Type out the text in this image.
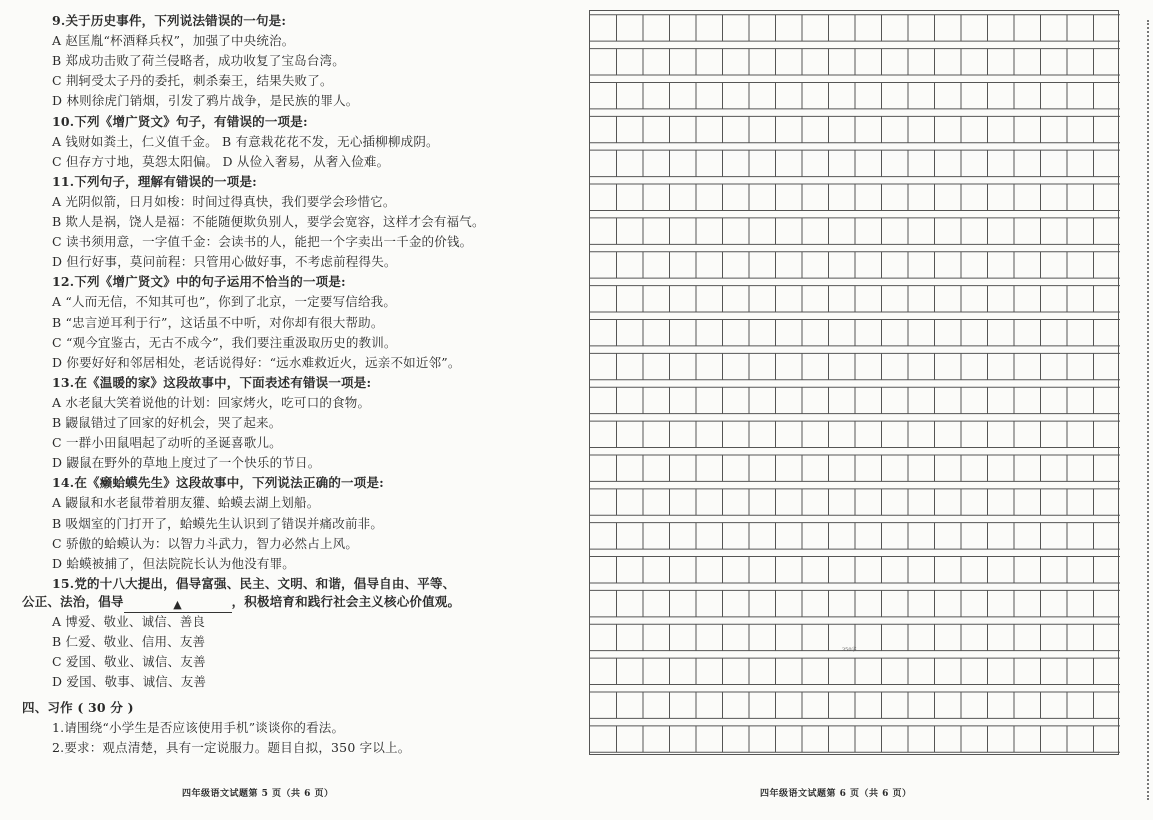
9.关于历史事件，下列说法错误的一句是:
A 赵匡胤“杯酒释兵权”，加强了中央统治。
B 郑成功击败了荷兰侵略者，成功收复了宝岛台湾。
C 荆轲受太子丹的委托，刺杀秦王，结果失败了。
D 林则徐虎门销烟，引发了鸦片战争，是民族的罪人。
10.下列《增广贤文》句子，有错误的一项是:
A 钱财如粪土，仁义值千金。 B 有意栽花花不发，无心插柳柳成阴。
C 但存方寸地，莫怨太阳偏。 D 从俭入奢易，从奢入俭难。
11.下列句子，理解有错误的一项是:
A 光阴似箭，日月如梭：时间过得真快，我们要学会珍惜它。
B 欺人是祸，饶人是福：不能随便欺负别人，要学会宽容，这样才会有福气。
C 读书须用意，一字值千金：会读书的人，能把一个字卖出一千金的价钱。
D 但行好事，莫问前程：只管用心做好事，不考虑前程得失。
12.下列《增广贤文》中的句子运用不恰当的一项是:
A “人而无信，不知其可也”，你到了北京，一定要写信给我。
B “忠言逆耳利于行”，这话虽不中听，对你却有很大帮助。
C “观今宜鉴古，无古不成今”，我们要注重汲取历史的教训。
D 你要好好和邻居相处，老话说得好：“远水难救近火，远亲不如近邻”。
13.在《温暖的家》这段故事中，下面表述有错误一项是:
A 水老鼠大笑着说他的计划：回家烤火，吃可口的食物。
B 鼹鼠错过了回家的好机会，哭了起来。
C 一群小田鼠唱起了动听的圣诞喜歌儿。
D 鼹鼠在野外的草地上度过了一个快乐的节日。
14.在《癞蛤蟆先生》这段故事中，下列说法正确的一项是:
A 鼹鼠和水老鼠带着朋友獾、蛤蟆去湖上划船。
B 吸烟室的门打开了，蛤蟆先生认识到了错误并痛改前非。
C 骄傲的蛤蟆认为：以智力斗武力，智力必然占上风。
D 蛤蟆被捕了，但法院院长认为他没有罪。
15.党的十八大提出，倡导富强、民主、文明、和谐，倡导自由、平等、
公正、法治，倡导	▲	，积极培育和践行社会主义核心价值观。
A 博爱、敬业、诚信、善良
B 仁爱、敬业、信用、友善
C 爱国、敬业、诚信、友善
D 爱国、敬事、诚信、友善
四、习作 ( 30 分 )
1.请围绕“小学生是否应该使用手机”谈谈你的看法。
2.要求：观点清楚，具有一定说服力。题目自拟，350 字以上。
四年级语文试题第 5 页（共 6 页）
350字
四年级语文试题第 6 页（共 6 页）
